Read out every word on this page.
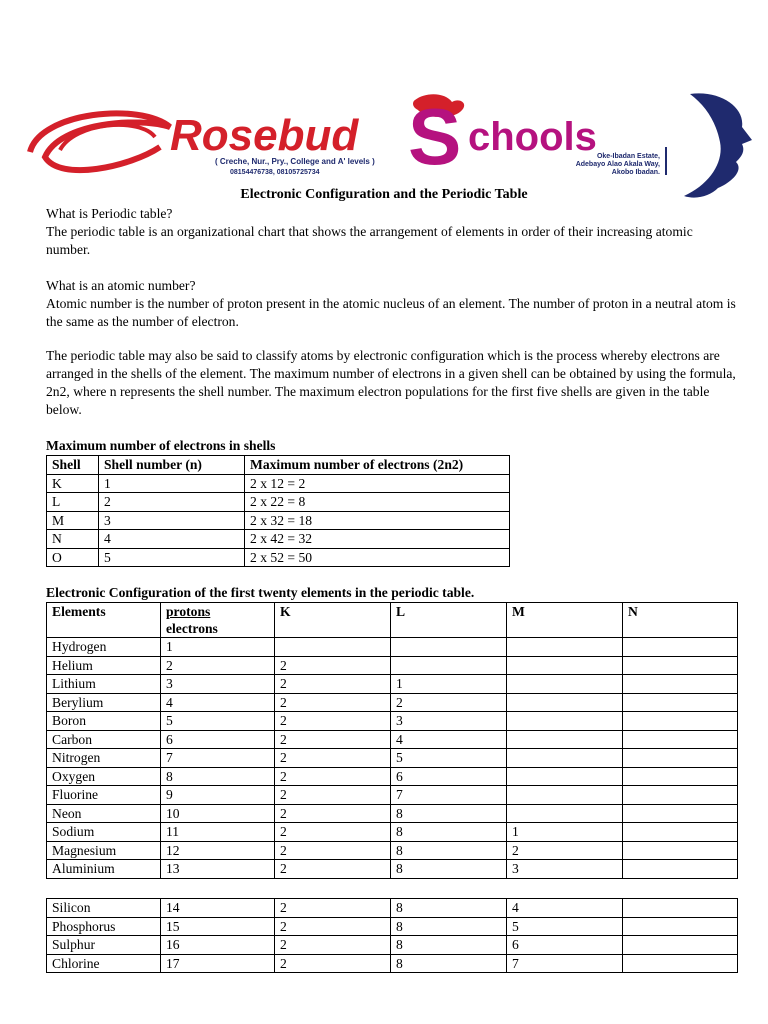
Rosebud S chools
( Creche, Nur., Pry., College and A' levels )
08154476738, 08105725734
Oke-Ibadan Estate,
Adebayo Alao Akala Way,
Akobo Ibadan.
Electronic Configuration and the Periodic Table
What is Periodic table?
The periodic table is an organizational chart that shows the arrangement of elements in order of their increasing atomic number.
What is an atomic number?
Atomic number is the number of proton present in the atomic nucleus of an element. The number of proton in a neutral atom is the same as the number of electron.
The periodic table may also be said to classify atoms by electronic configuration which is the process whereby electrons are arranged in the shells of the element. The maximum number of electrons in a given shell can be obtained by using the formula, 2n2, where n represents the shell number. The maximum electron populations for the first five shells are given in the table below.
Maximum number of electrons in shells
Shell	Shell number (n)	Maximum number of electrons (2n2)
K	1	2 x 12 = 2
L	2	2 x 22 = 8
M	3	2 x 32 = 18
N	4	2 x 42 = 32
O	5	2 x 52 = 50
Electronic Configuration of the first twenty elements in the periodic table.
Elements	protons
electrons	K	L	M	N
Hydrogen	1				
Helium	2	2			
Lithium	3	2	1		
Berylium	4	2	2		
Boron	5	2	3		
Carbon	6	2	4		
Nitrogen	7	2	5		
Oxygen	8	2	6		
Fluorine	9	2	7		
Neon	10	2	8		
Sodium	11	2	8	1	
Magnesium	12	2	8	2	
Aluminium	13	2	8	3	
Silicon	14	2	8	4	
Phosphorus	15	2	8	5	
Sulphur	16	2	8	6	
Chlorine	17	2	8	7	
